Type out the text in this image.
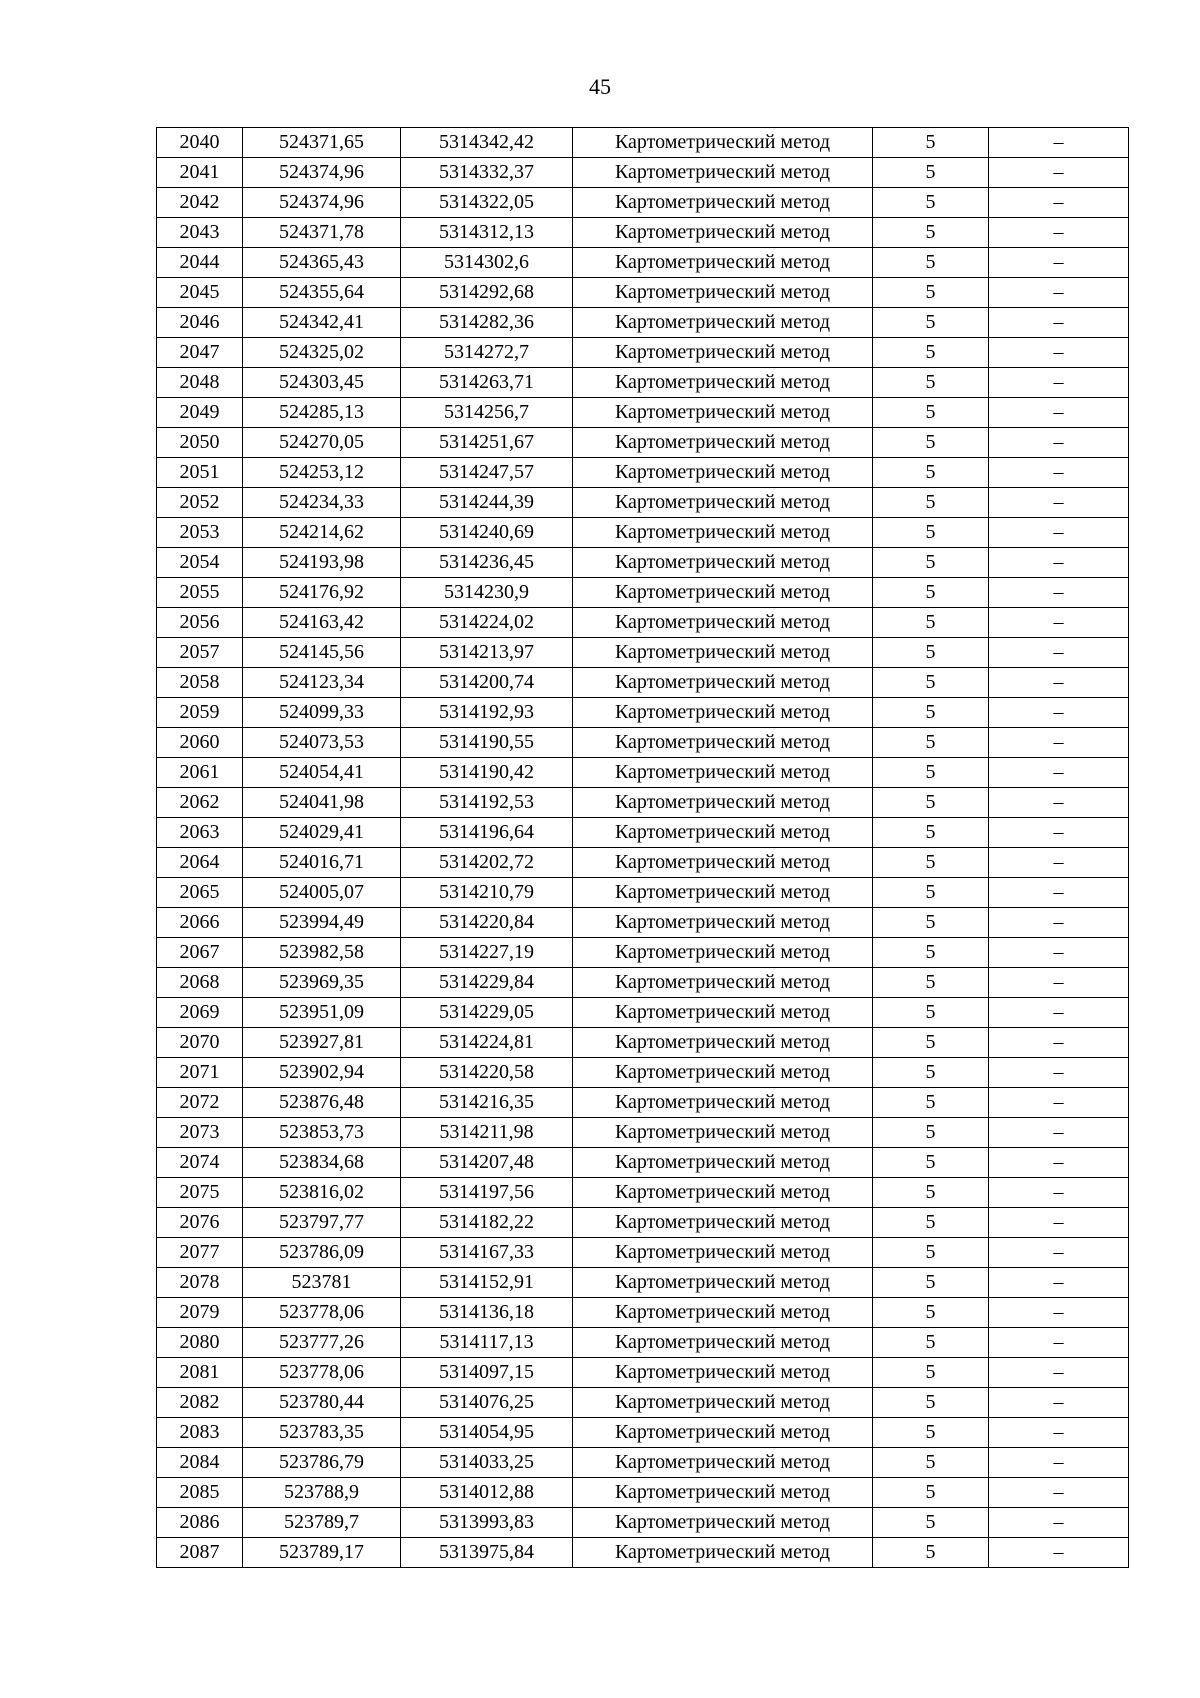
45
2040	524371,65	5314342,42	Картометрический метод	5	–
2041	524374,96	5314332,37	Картометрический метод	5	–
2042	524374,96	5314322,05	Картометрический метод	5	–
2043	524371,78	5314312,13	Картометрический метод	5	–
2044	524365,43	5314302,6	Картометрический метод	5	–
2045	524355,64	5314292,68	Картометрический метод	5	–
2046	524342,41	5314282,36	Картометрический метод	5	–
2047	524325,02	5314272,7	Картометрический метод	5	–
2048	524303,45	5314263,71	Картометрический метод	5	–
2049	524285,13	5314256,7	Картометрический метод	5	–
2050	524270,05	5314251,67	Картометрический метод	5	–
2051	524253,12	5314247,57	Картометрический метод	5	–
2052	524234,33	5314244,39	Картометрический метод	5	–
2053	524214,62	5314240,69	Картометрический метод	5	–
2054	524193,98	5314236,45	Картометрический метод	5	–
2055	524176,92	5314230,9	Картометрический метод	5	–
2056	524163,42	5314224,02	Картометрический метод	5	–
2057	524145,56	5314213,97	Картометрический метод	5	–
2058	524123,34	5314200,74	Картометрический метод	5	–
2059	524099,33	5314192,93	Картометрический метод	5	–
2060	524073,53	5314190,55	Картометрический метод	5	–
2061	524054,41	5314190,42	Картометрический метод	5	–
2062	524041,98	5314192,53	Картометрический метод	5	–
2063	524029,41	5314196,64	Картометрический метод	5	–
2064	524016,71	5314202,72	Картометрический метод	5	–
2065	524005,07	5314210,79	Картометрический метод	5	–
2066	523994,49	5314220,84	Картометрический метод	5	–
2067	523982,58	5314227,19	Картометрический метод	5	–
2068	523969,35	5314229,84	Картометрический метод	5	–
2069	523951,09	5314229,05	Картометрический метод	5	–
2070	523927,81	5314224,81	Картометрический метод	5	–
2071	523902,94	5314220,58	Картометрический метод	5	–
2072	523876,48	5314216,35	Картометрический метод	5	–
2073	523853,73	5314211,98	Картометрический метод	5	–
2074	523834,68	5314207,48	Картометрический метод	5	–
2075	523816,02	5314197,56	Картометрический метод	5	–
2076	523797,77	5314182,22	Картометрический метод	5	–
2077	523786,09	5314167,33	Картометрический метод	5	–
2078	523781	5314152,91	Картометрический метод	5	–
2079	523778,06	5314136,18	Картометрический метод	5	–
2080	523777,26	5314117,13	Картометрический метод	5	–
2081	523778,06	5314097,15	Картометрический метод	5	–
2082	523780,44	5314076,25	Картометрический метод	5	–
2083	523783,35	5314054,95	Картометрический метод	5	–
2084	523786,79	5314033,25	Картометрический метод	5	–
2085	523788,9	5314012,88	Картометрический метод	5	–
2086	523789,7	5313993,83	Картометрический метод	5	–
2087	523789,17	5313975,84	Картометрический метод	5	–
